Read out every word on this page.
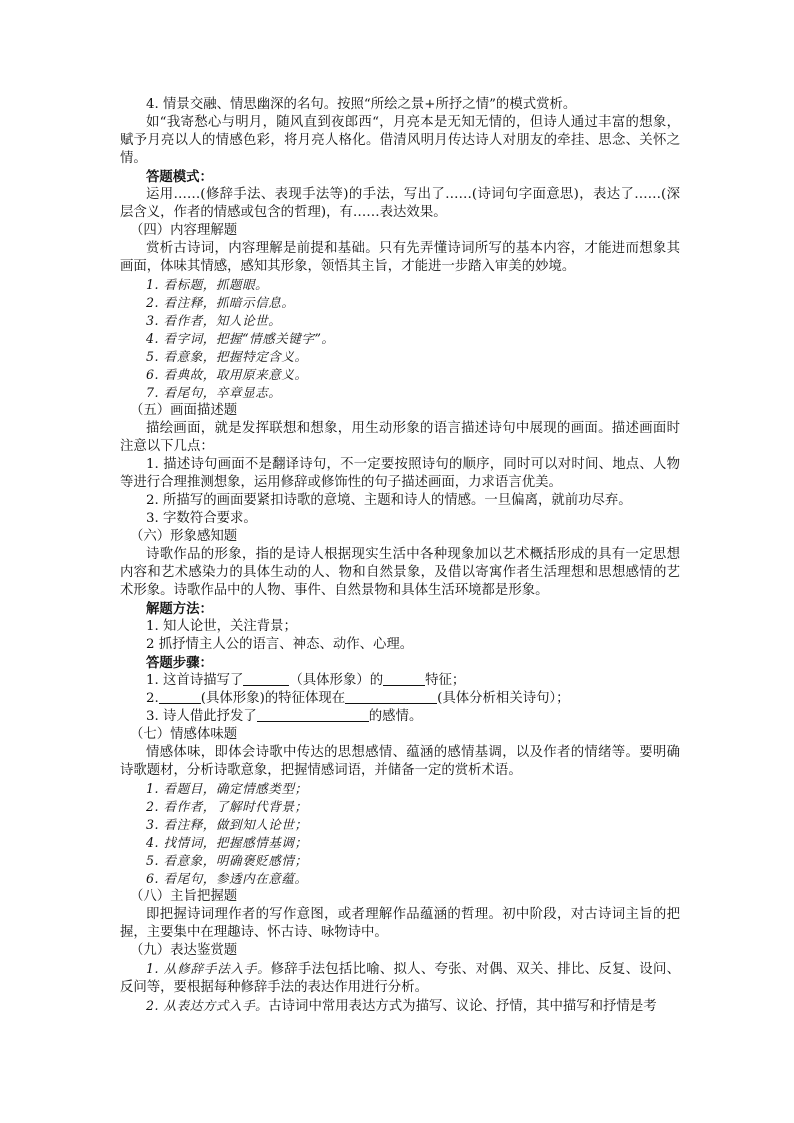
4. 情景交融、情思幽深的名句。按照“所绘之景+所抒之情”的模式赏析。

如“我寄愁心与明月，随风直到夜郎西“，月亮本是无知无情的，但诗人通过丰富的想象，赋予月亮以人的情感色彩，将月亮人格化。借清风明月传达诗人对朋友的牵挂、思念、关怀之情。

答题模式：

运用……(修辞手法、表现手法等)的手法，写出了……(诗词句字面意思)，表达了……(深层含义，作者的情感或包含的哲理)，有……表达效果。

（四）内容理解题

赏析古诗词，内容理解是前提和基础。只有先弄懂诗词所写的基本内容，才能进而想象其画面，体味其情感，感知其形象，领悟其主旨，才能进一步踏入审美的妙境。

1. 看标题，抓题眼。

2. 看注释，抓暗示信息。

3. 看作者，知人论世。

4. 看字词，把握“情感关键字”。

5. 看意象，把握特定含义。

6. 看典故，取用原来意义。

7. 看尾句，卒章显志。

（五）画面描述题

描绘画面，就是发挥联想和想象，用生动形象的语言描述诗句中展现的画面。描述画面时注意以下几点：

1. 描述诗句画面不是翻译诗句，不一定要按照诗句的顺序，同时可以对时间、地点、人物等进行合理推测想象，运用修辞或修饰性的句子描述画面，力求语言优美。

2. 所描写的画面要紧扣诗歌的意境、主题和诗人的情感。一旦偏离，就前功尽弃。

3. 字数符合要求。

（六）形象感知题

诗歌作品的形象，指的是诗人根据现实生活中各种现象加以艺术概括形成的具有一定思想内容和艺术感染力的具体生动的人、物和自然景象，及借以寄寓作者生活理想和思想感情的艺术形象。诗歌作品中的人物、事件、自然景物和具体生活环境都是形象。

解题方法：

1. 知人论世，关注背景；

2 抓抒情主人公的语言、神态、动作、心理。

答题步骤：

1. 这首诗描写了	（具体形象）的	特征；

2.	(具体形象)的特征体现在	(具体分析相关诗句）；

3. 诗人借此抒发了	的感情。

（七）情感体味题

情感体味，即体会诗歌中传达的思想感情、蕴涵的感情基调，以及作者的情绪等。要明确诗歌题材，分析诗歌意象，把握情感词语，并储备一定的赏析术语。

1. 看题目，确定情感类型；

2. 看作者，了解时代背景；

3. 看注释，做到知人论世；

4. 找情词，把握感情基调；

5. 看意象，明确褒贬感情；

6. 看尾句，参透内在意蕴。

（八）主旨把握题

即把握诗词理作者的写作意图，或者理解作品蕴涵的哲理。初中阶段，对古诗词主旨的把握，主要集中在理趣诗、怀古诗、咏物诗中。

（九）表达鉴赏题

1. 从修辞手法入手。修辞手法包括比喻、拟人、夸张、对偶、双关、排比、反复、设问、反问等，要根据每种修辞手法的表达作用进行分析。

2. 从表达方式入手。古诗词中常用表达方式为描写、议论、抒情，其中描写和抒情是考
